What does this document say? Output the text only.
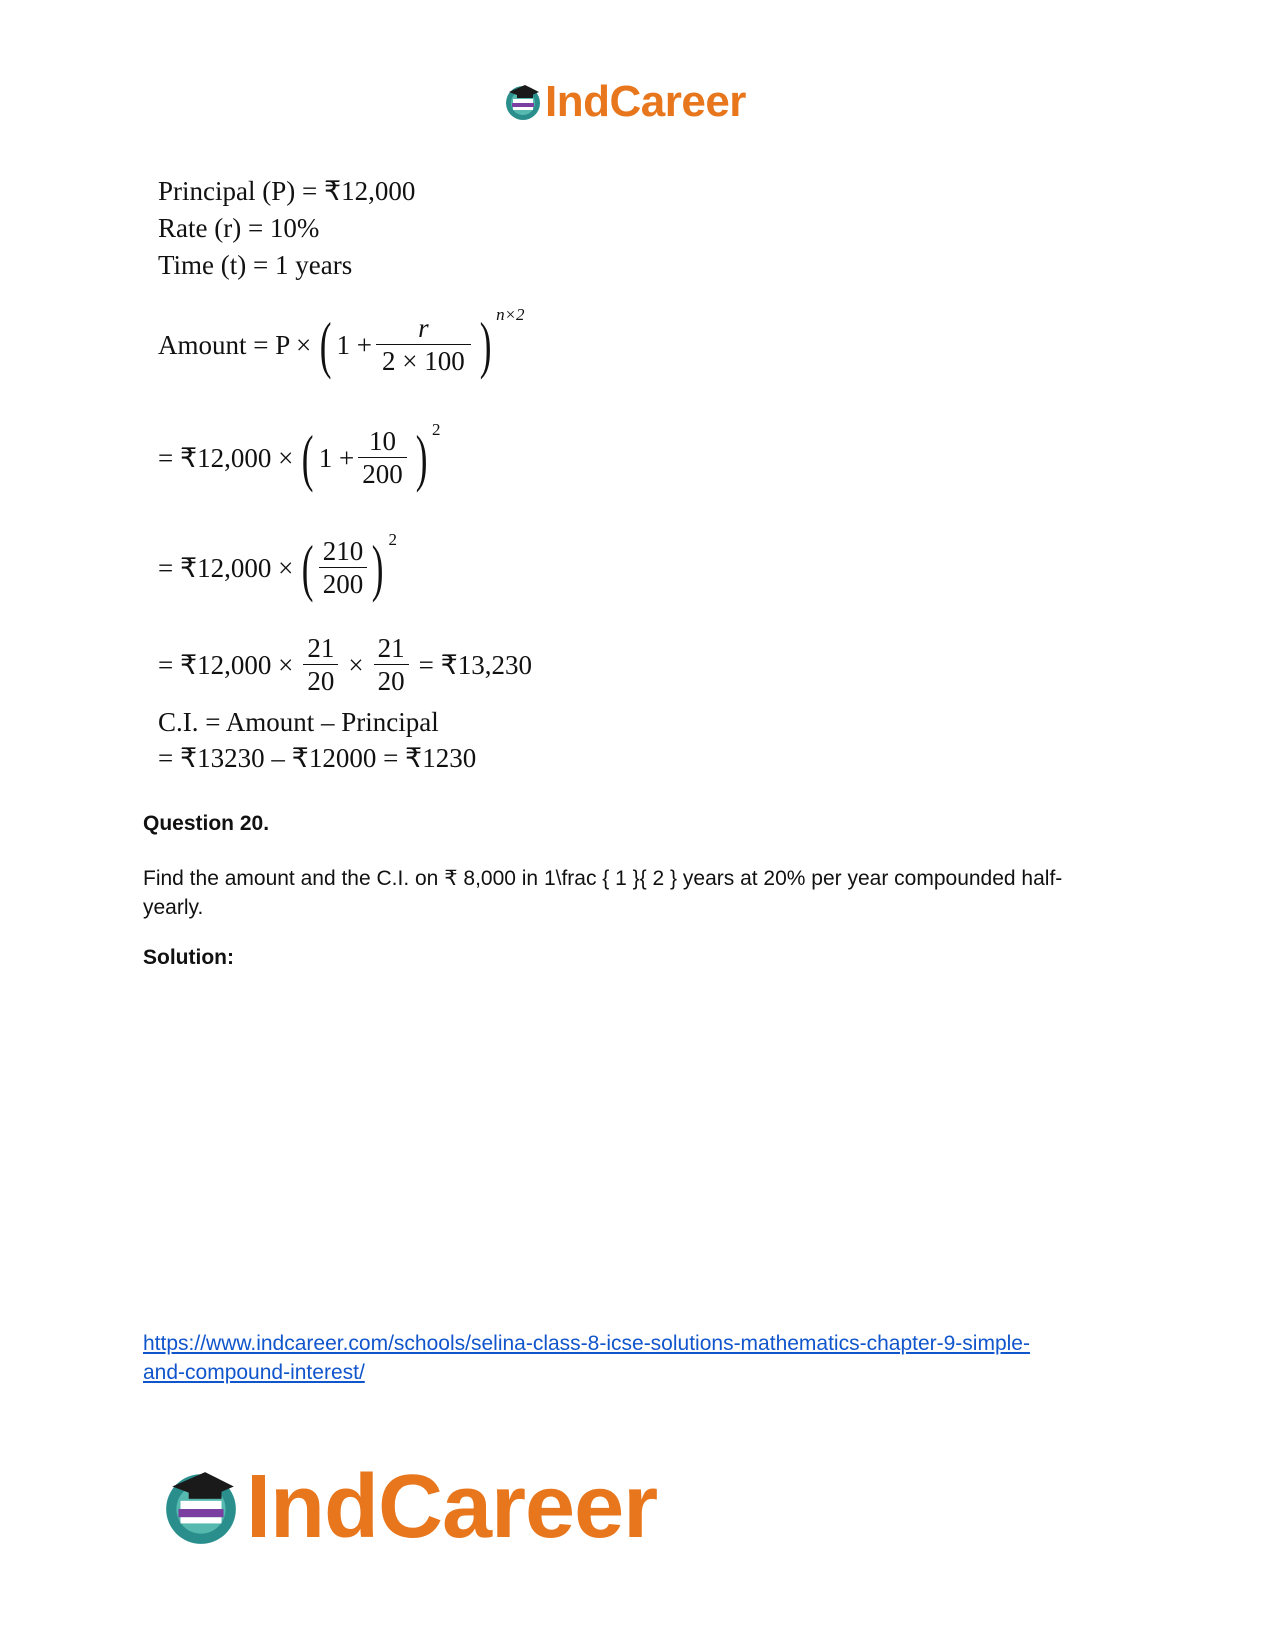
IndCareer
Principal (P) = ₹12,000
Rate (r) = 10%
Time (t) = 1 years
Amount = P × ( $1 + \frac{r}{2 \times 100}$ ) n×2
= ₹12,000 × ( $1 + \frac{10}{200}$ ) 2
= ₹12,000 × ( $\frac{210}{200}$ ) 2
= ₹12,000 × $\frac{21}{20} \times \frac{21}{20}$ = ₹13,230
C.I. = Amount – Principal
= ₹13230 – ₹12000 = ₹1230
Question 20.
Find the amount and the C.I. on ₹ 8,000 in 1\frac { 1 }{ 2 } years at 20% per year compounded half- yearly.
Solution:
https://www.indcareer.com/schools/selina-class-8-icse-solutions-mathematics-chapter-9-simple-
and-compound-interest/
IndCareer
